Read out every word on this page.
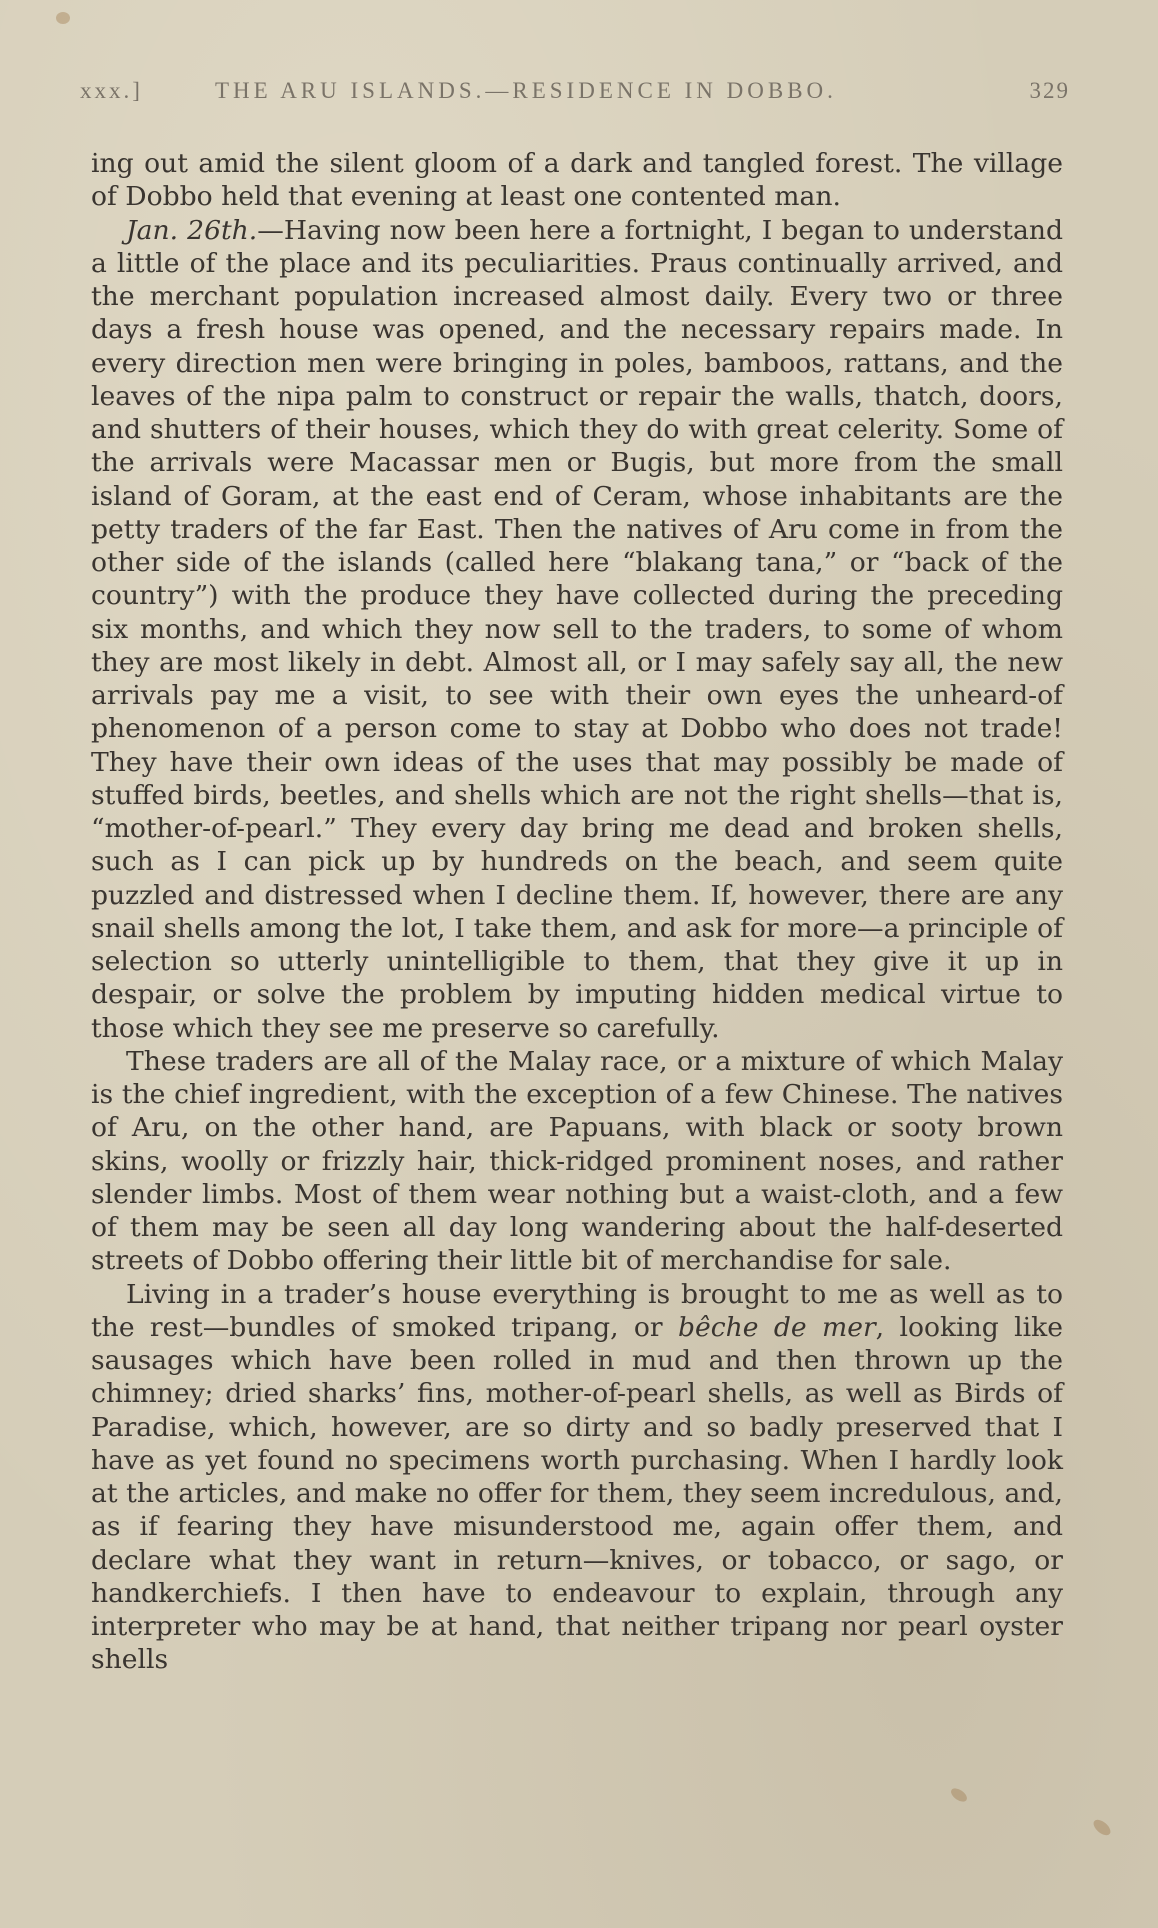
xxx.]	THE ARU ISLANDS.—RESIDENCE IN DOBBO.	329

ing out amid the silent gloom of a dark and tangled forest. The village of Dobbo held that evening at least one contented man.

Jan. 26th.—Having now been here a fortnight, I began to understand a little of the place and its peculiarities. Praus continually arrived, and the merchant population increased almost daily. Every two or three days a fresh house was opened, and the necessary repairs made. In every direction men were bringing in poles, bamboos, rattans, and the leaves of the nipa palm to construct or repair the walls, thatch, doors, and shutters of their houses, which they do with great celerity. Some of the arrivals were Macassar men or Bugis, but more from the small island of Goram, at the east end of Ceram, whose inhabitants are the petty traders of the far East. Then the natives of Aru come in from the other side of the islands (called here “blakang tana,” or “back of the country”) with the produce they have collected during the preceding six months, and which they now sell to the traders, to some of whom they are most likely in debt. Almost all, or I may safely say all, the new arrivals pay me a visit, to see with their own eyes the unheard-of phenomenon of a person come to stay at Dobbo who does not trade! They have their own ideas of the uses that may possibly be made of stuffed birds, beetles, and shells which are not the right shells—that is, “mother-of-pearl.” They every day bring me dead and broken shells, such as I can pick up by hundreds on the beach, and seem quite puzzled and distressed when I decline them. If, however, there are any snail shells among the lot, I take them, and ask for more—a principle of selection so utterly unintelligible to them, that they give it up in despair, or solve the problem by imputing hidden medical virtue to those which they see me preserve so carefully.

These traders are all of the Malay race, or a mixture of which Malay is the chief ingredient, with the exception of a few Chinese. The natives of Aru, on the other hand, are Papuans, with black or sooty brown skins, woolly or frizzly hair, thick-ridged prominent noses, and rather slender limbs. Most of them wear nothing but a waist-cloth, and a few of them may be seen all day long wandering about the half-deserted streets of Dobbo offering their little bit of merchandise for sale.

Living in a trader’s house everything is brought to me as well as to the rest—bundles of smoked tripang, or bêche de mer, looking like sausages which have been rolled in mud and then thrown up the chimney; dried sharks’ fins, mother-of-pearl shells, as well as Birds of Paradise, which, however, are so dirty and so badly preserved that I have as yet found no specimens worth purchasing. When I hardly look at the articles, and make no offer for them, they seem incredulous, and, as if fearing they have misunderstood me, again offer them, and declare what they want in return—knives, or tobacco, or sago, or handkerchiefs. I then have to endeavour to explain, through any interpreter who may be at hand, that neither tripang nor pearl oyster shells
